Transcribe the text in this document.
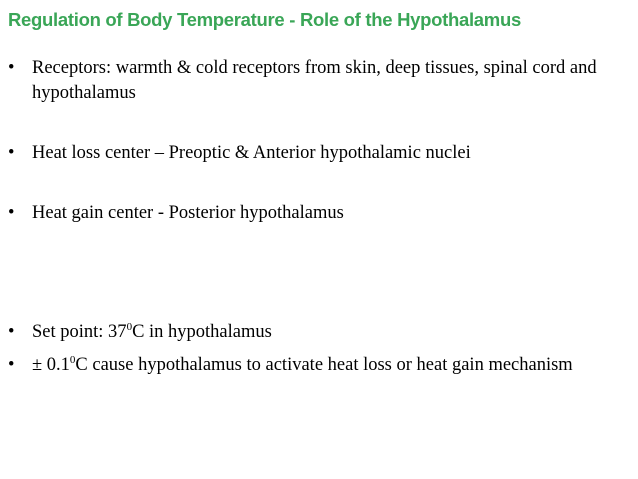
Regulation of Body Temperature - Role of the Hypothalamus
• Receptors: warmth & cold receptors from skin, deep tissues, spinal cord and hypothalamus
• Heat loss center – Preoptic & Anterior hypothalamic nuclei
• Heat gain center - Posterior hypothalamus
• Set point: $37^0C$ in hypothalamus
• ± $0.1^0C$ cause hypothalamus to activate heat loss or heat gain mechanism
